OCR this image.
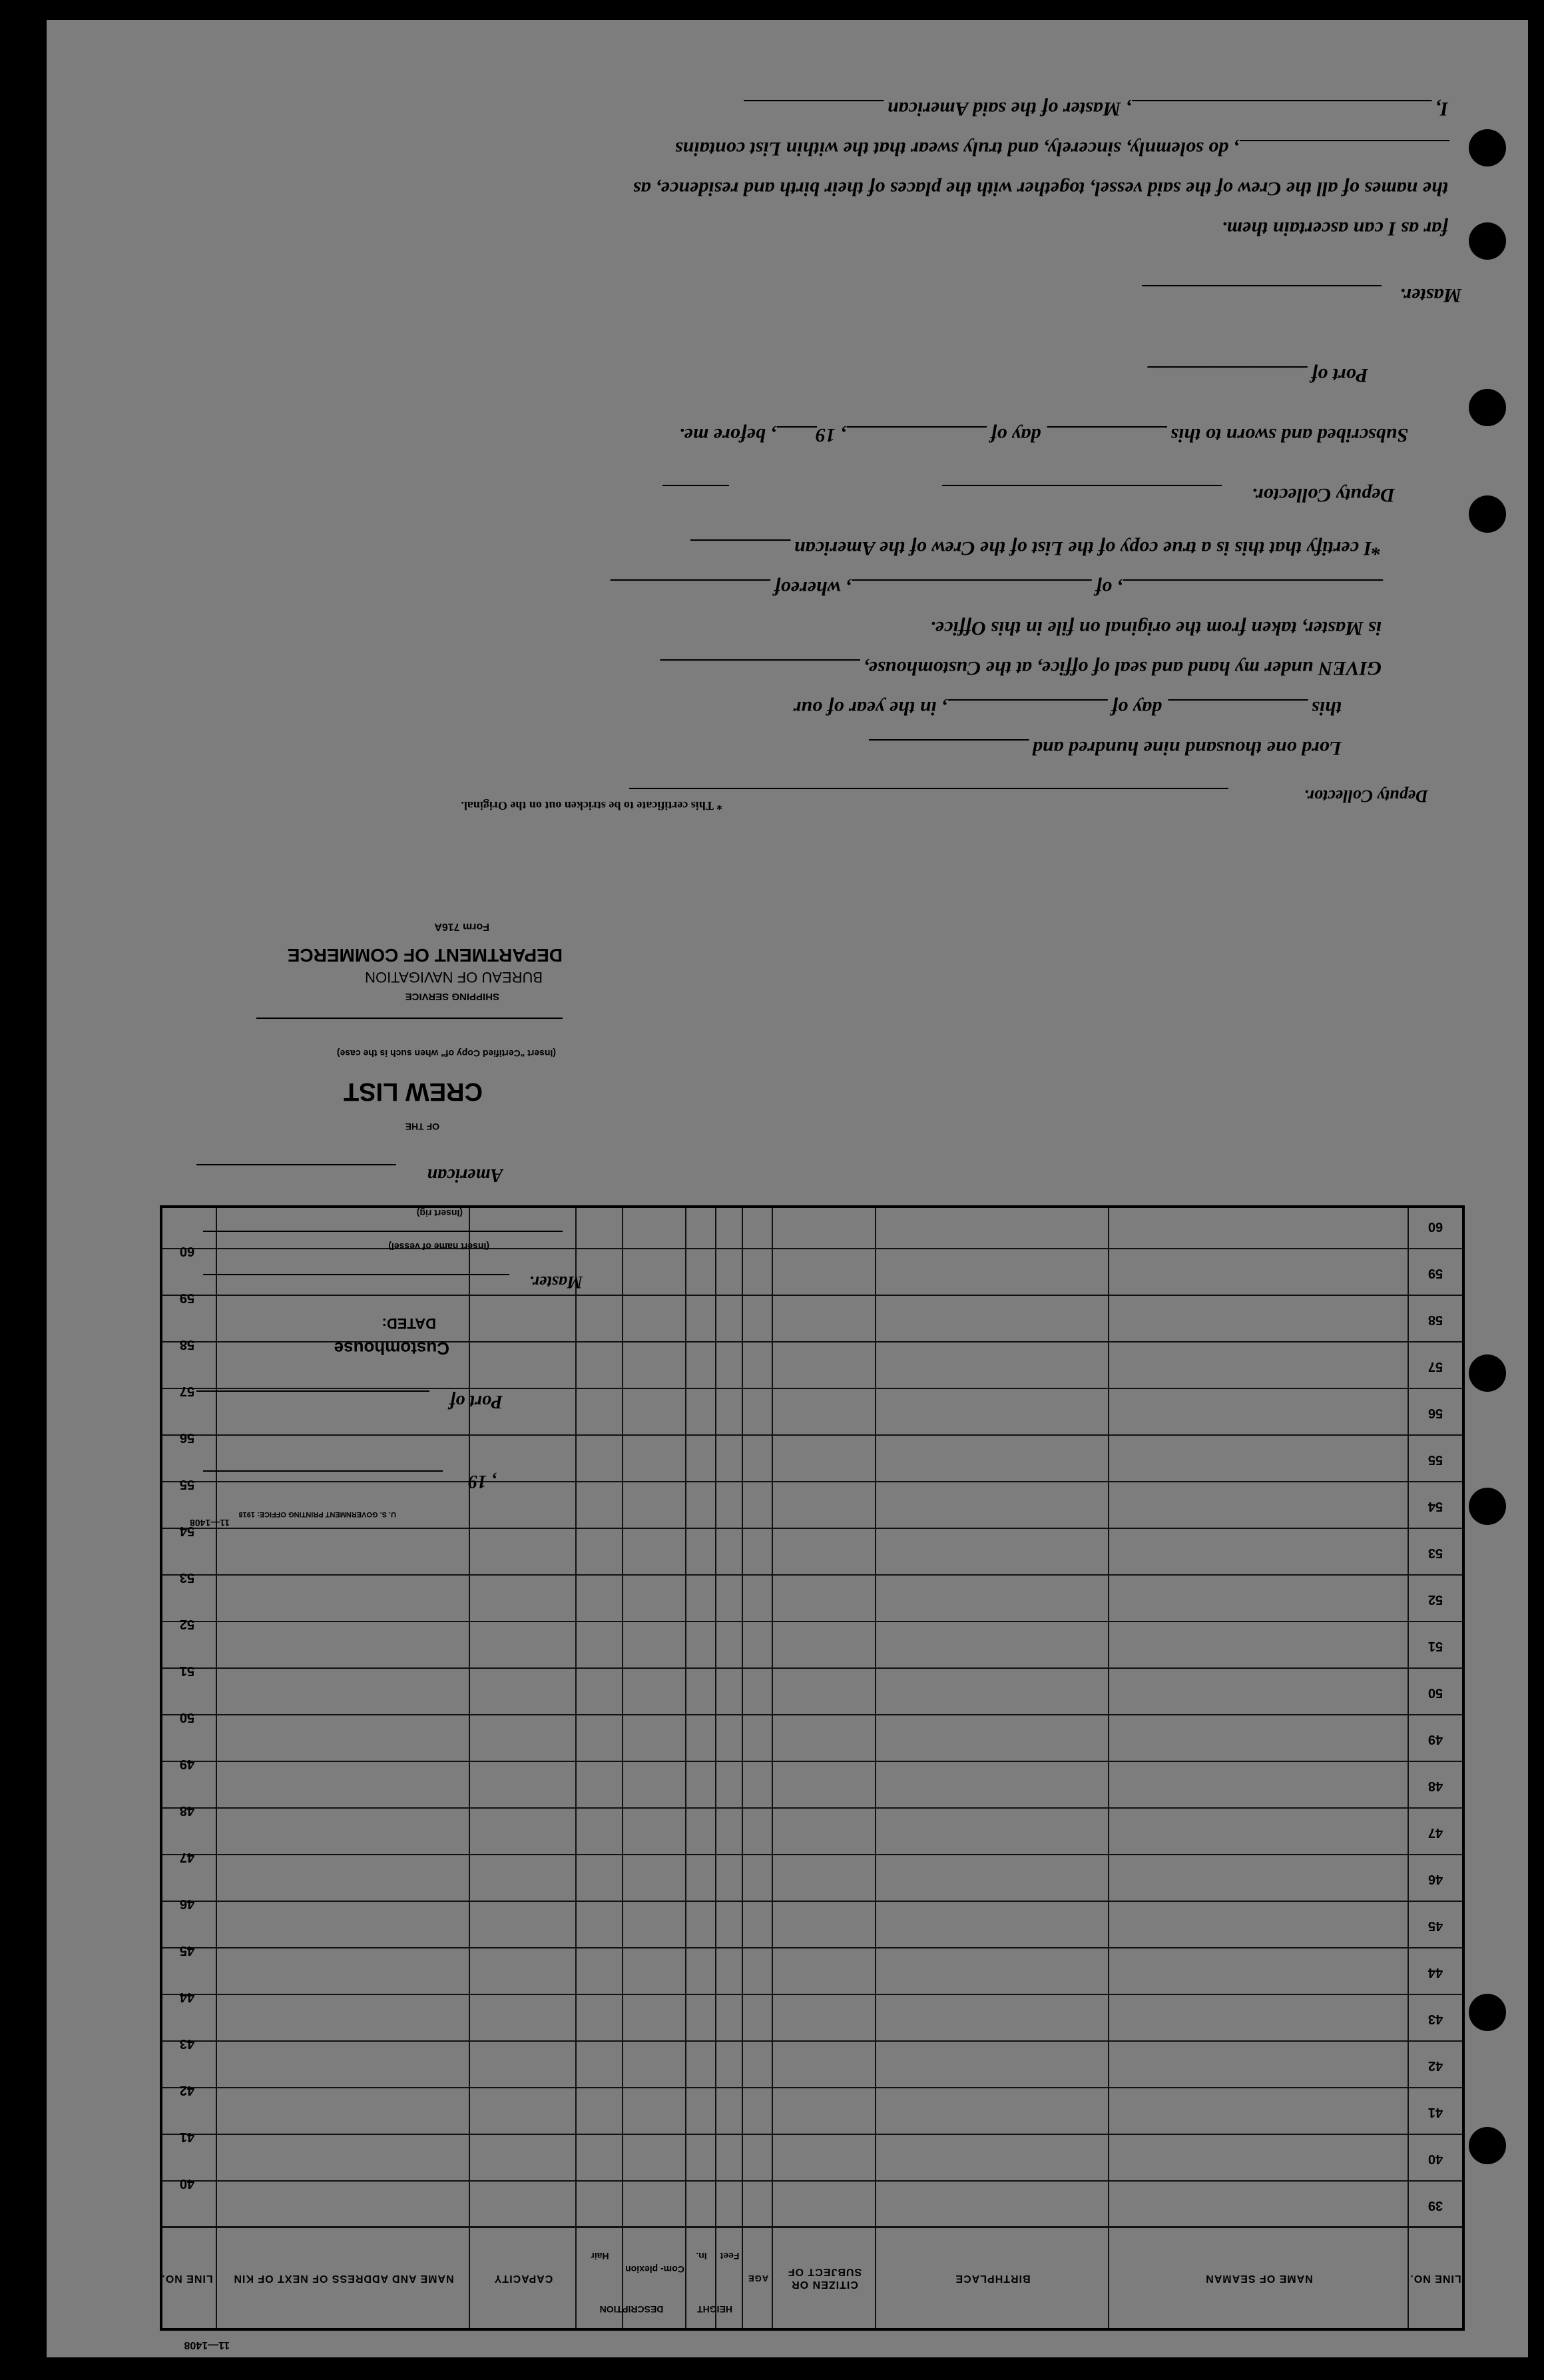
11—1408
LINE NO.
NAME OF SEAMAN
BIRTHPLACE
CITIZEN OR SUBJECT OF
AGE
HEIGHT
Feet
In.
DESCRIPTION
Com- plexion
Hair
CAPACITY
NAME AND ADDRESS OF NEXT OF KIN
LINE NO.
39
40
40
41
41
42
42
43
43
44
44
45
45
46
46
47
47
48
48
49
49
50
50
51
51
52
52
53
53
54
54
55
55
56
56
57
57
58
58
59
59
60
60
I, ______________________________, Master of the said American ______________
_____________________, do solemnly, sincerely, and truly swear that the within List contains
the names of all the Crew of the said vessel, together with the places of their birth and residence, as
far as I can ascertain them.
Master.
Port of ________________
Subscribed and sworn to this ____________ day of ______________, 19____, before me.
Deputy Collector.
*I certify that this is a true copy of the List of the Crew of the American __________
__________________________, of ________________________, whereof ________________
is Master, taken from the original on file in this Office.
GIVEN under my hand and seal of office, at the Customhouse, ____________________
this ______________ day of ________________, in the year of our
Lord one thousand nine hundred and ________________
Deputy Collector.
* This certificate to be stricken out on the Original.
Form 716A
DEPARTMENT OF COMMERCE
BUREAU OF NAVIGATION
SHIPPING SERVICE
(Insert "Certified Copy of" when such is the case)
CREW LIST
OF THE
American
(Insert rig)
(Insert name of vessel)
Master.
DATED:
Customhouse
Port of
, 19
U. S. GOVERNMENT PRINTING OFFICE: 1918
11—1408
